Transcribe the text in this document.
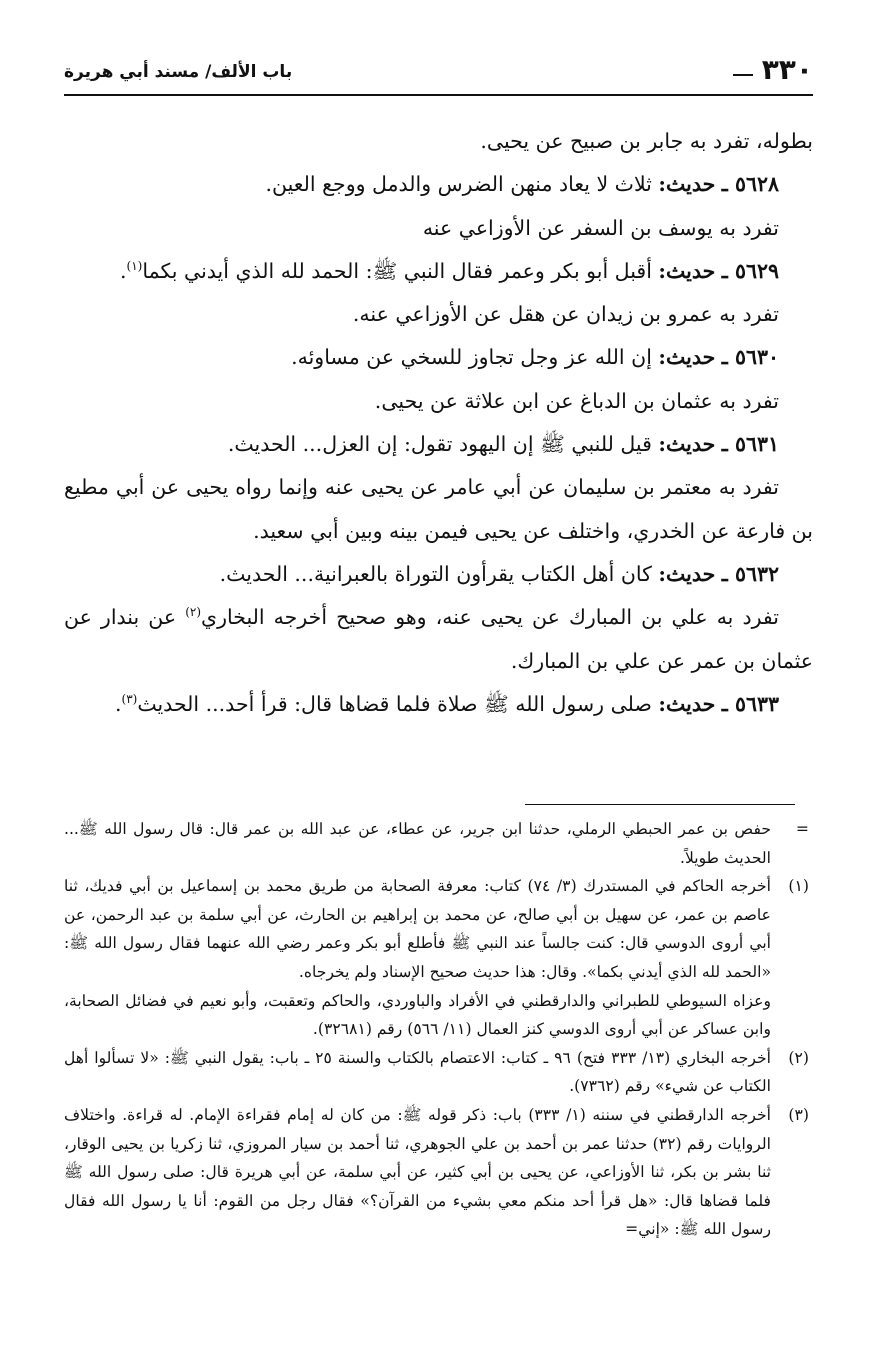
٣٣٠
باب الألف/ مسند أبي هريرة

بطوله، تفرد به جابر بن صبيح عن يحيى.

٥٦٢٨ ـ حديث: ثلاث لا يعاد منهن الضرس والدمل ووجع العين.

تفرد به يوسف بن السفر عن الأوزاعي عنه

٥٦٢٩ ـ حديث: أقبل أبو بكر وعمر فقال النبي ﷺ: الحمد لله الذي أيدني بكما$^{(١)}$.

تفرد به عمرو بن زيدان عن هقل عن الأوزاعي عنه.

٥٦٣٠ ـ حديث: إن الله عز وجل تجاوز للسخي عن مساوئه.

تفرد به عثمان بن الدباغ عن ابن علاثة عن يحيى.

٥٦٣١ ـ حديث: قيل للنبي ﷺ إن اليهود تقول: إن العزل... الحديث.

تفرد به معتمر بن سليمان عن أبي عامر عن يحيى عنه وإنما رواه يحيى عن أبي مطيع بن فارعة عن الخدري، واختلف عن يحيى فيمن بينه وبين أبي سعيد.

٥٦٣٢ ـ حديث: كان أهل الكتاب يقرأون التوراة بالعبرانية... الحديث.

تفرد به علي بن المبارك عن يحيى عنه، وهو صحيح أخرجه البخاري$^{(٢)}$ عن بندار عن عثمان بن عمر عن علي بن المبارك.

٥٦٣٣ ـ حديث: صلى رسول الله ﷺ صلاة فلما قضاها قال: قرأ أحد... الحديث$^{(٣)}$.

=
حفص بن عمر الحبطي الرملي، حدثنا ابن جرير، عن عطاء، عن عبد الله بن عمر قال: قال رسول الله ﷺ... الحديث طويلاً.

(١)
أخرجه الحاكم في المستدرك (٣/ ٧٤) كتاب: معرفة الصحابة من طريق محمد بن إسماعيل بن أبي فديك، ثنا عاصم بن عمر، عن سهيل بن أبي صالح، عن محمد بن إبراهيم بن الحارث، عن أبي سلمة بن عبد الرحمن، عن أبي أروى الدوسي قال: كنت جالساً عند النبي ﷺ فأطلع أبو بكر وعمر رضي الله عنهما فقال رسول الله ﷺ: «الحمد لله الذي أيدني بكما». وقال: هذا حديث صحيح الإسناد ولم يخرجاه.

وعزاه السيوطي للطبراني والدارقطني في الأفراد والباوردي، والحاكم وتعقبت، وأبو نعيم في فضائل الصحابة، وابن عساكر عن أبي أروى الدوسي كنز العمال (١١/ ٥٦٦) رقم (٣٢٦٨١).

(٢)
أخرجه البخاري (١٣/ ٣٣٣ فتح) ٩٦ ـ كتاب: الاعتصام بالكتاب والسنة ٢٥ ـ باب: يقول النبي ﷺ: «لا تسألوا أهل الكتاب عن شيء» رقم (٧٣٦٢).

(٣)
أخرجه الدارقطني في سننه (١/ ٣٣٣) باب: ذكر قوله ﷺ: من كان له إمام فقراءة الإمام. له قراءة. واختلاف الروايات رقم (٣٢) حدثنا عمر بن أحمد بن علي الجوهري، ثنا أحمد بن سيار المروزي، ثنا زكريا بن يحيى الوقار، ثنا بشر بن بكر، ثنا الأوزاعي، عن يحيى بن أبي كثير، عن أبي سلمة، عن أبي هريرة قال: صلى رسول الله ﷺ فلما قضاها قال: «هل قرأ أحد منكم معي بشيء من القرآن؟» فقال رجل من القوم: أنا يا رسول الله فقال رسول الله ﷺ: «إني=
